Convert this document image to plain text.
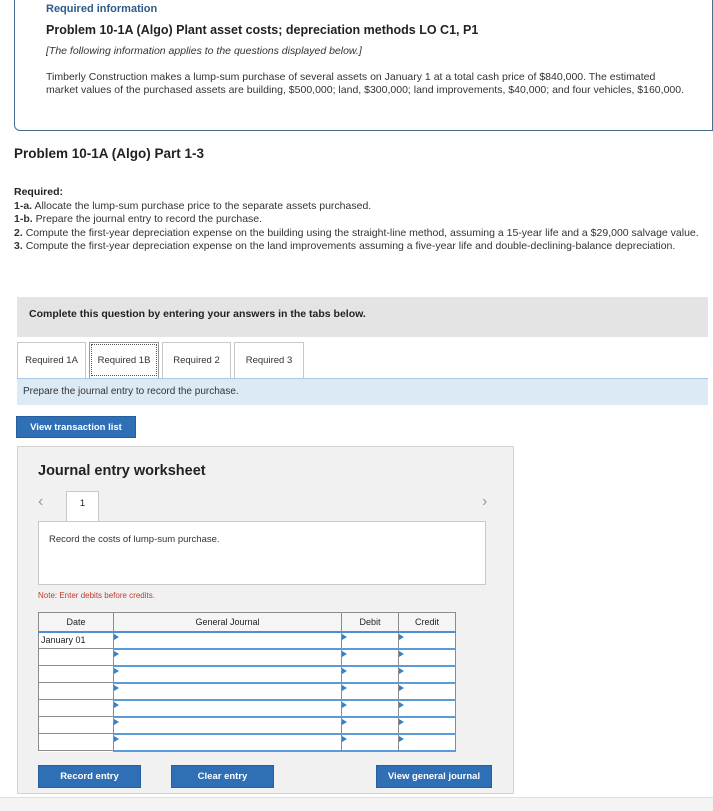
Required information
Problem 10-1A (Algo) Plant asset costs; depreciation methods LO C1, P1
[The following information applies to the questions displayed below.]
Timberly Construction makes a lump-sum purchase of several assets on January 1 at a total cash price of $840,000. The estimated market values of the purchased assets are building, $500,000; land, $300,000; land improvements, $40,000; and four vehicles, $160,000.
Problem 10-1A (Algo) Part 1-3

Required:

1-a. Allocate the lump-sum purchase price to the separate assets purchased.

1-b. Prepare the journal entry to record the purchase.

2. Compute the first-year depreciation expense on the building using the straight-line method, assuming a 15-year life and a $29,000 salvage value.

3. Compute the first-year depreciation expense on the land improvements assuming a five-year life and double-declining-balance depreciation.

Complete this question by entering your answers in the tabs below.
Required 1A	Required 1B	Required 2	Required 3
Prepare the journal entry to record the purchase.
View transaction list
Journal entry worksheet
‹	1	›
Record the costs of lump-sum purchase.
Note: Enter debits before credits.
Date	General Journal	Debit	Credit
January 01			

Record entry	Clear entry	View general journal
